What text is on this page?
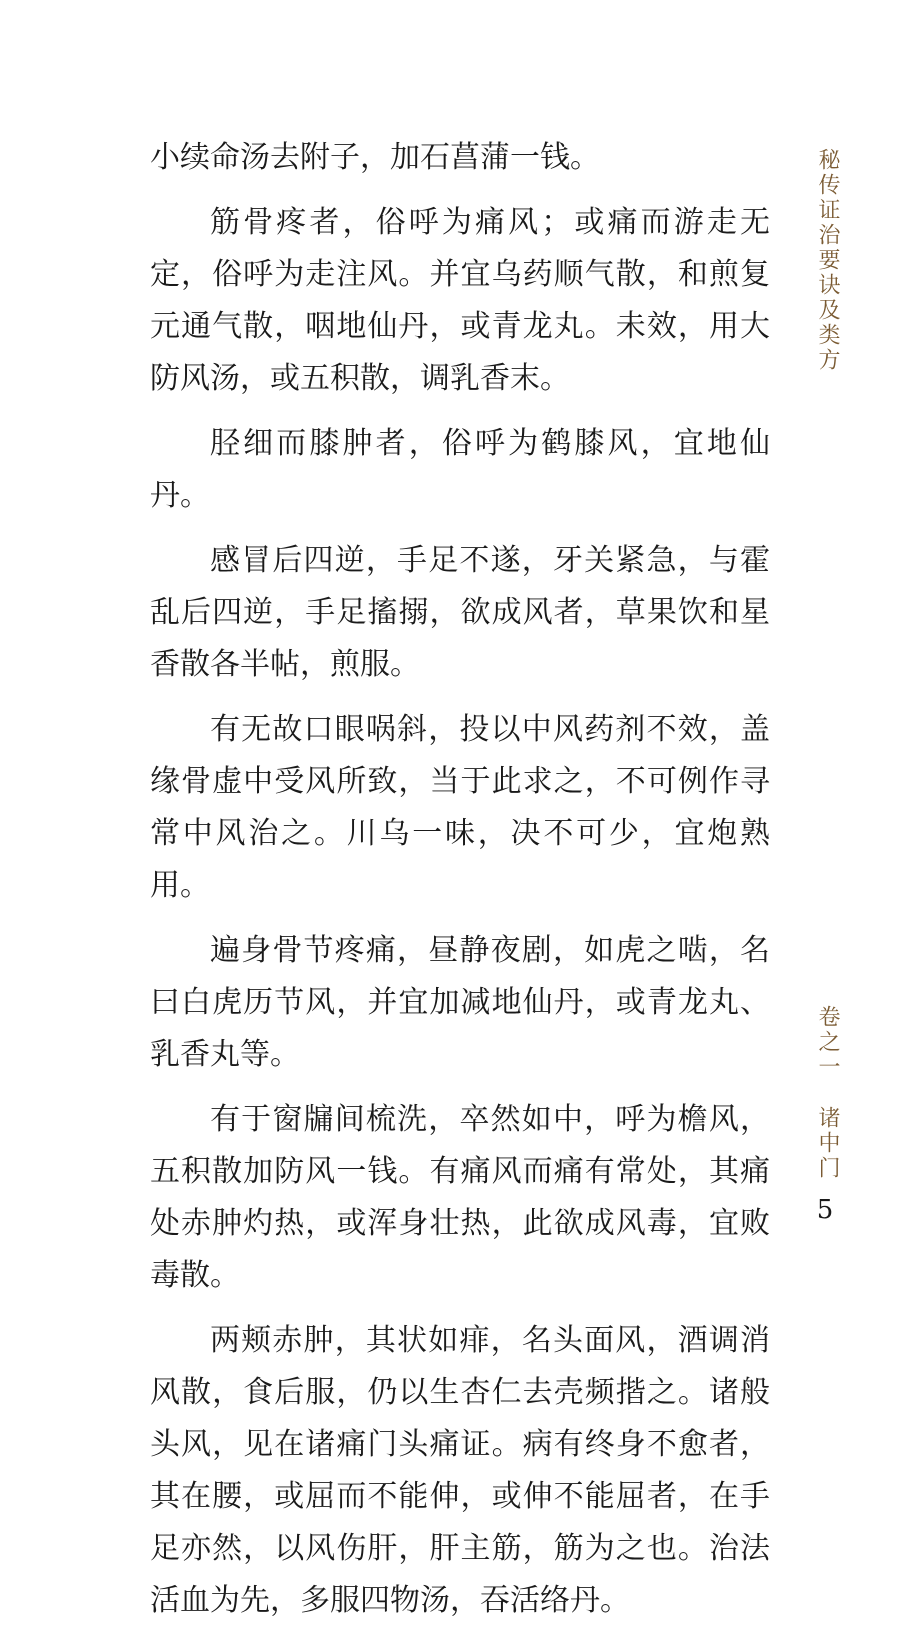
小续命汤去附子，加石菖蒲一钱。

筋骨疼者，俗呼为痛风；或痛而游走无定，俗呼为走注风。并宜乌药顺气散，和煎复元通气散，咽地仙丹，或青龙丸。未效，用大防风汤，或五积散，调乳香末。

胫细而膝肿者，俗呼为鹤膝风，宜地仙丹。

感冒后四逆，手足不遂，牙关紧急，与霍乱后四逆，手足搐搦，欲成风者，草果饮和星香散各半帖，煎服。

有无故口眼㖞斜，投以中风药剂不效，盖缘骨虚中受风所致，当于此求之，不可例作寻常中风治之。川乌一味，决不可少，宜炮熟用。

遍身骨节疼痛，昼静夜剧，如虎之啮，名曰白虎历节风，并宜加减地仙丹，或青龙丸、乳香丸等。

有于窗牖间梳洗，卒然如中，呼为檐风，五积散加防风一钱。有痛风而痛有常处，其痛处赤肿灼热，或浑身壮热，此欲成风毒，宜败毒散。

两颊赤肿，其状如痱，名头面风，酒调消风散，食后服，仍以生杏仁去壳频揩之。诸般头风，见在诸痛门头痛证。病有终身不愈者，其在腰，或屈而不能伸，或伸不能屈者，在手足亦然，以风伤肝，肝主筋，筋为之也。治法活血为先，多服四物汤，吞活络丹。

秘传证治要诀及类方
卷之一诸中门
5
